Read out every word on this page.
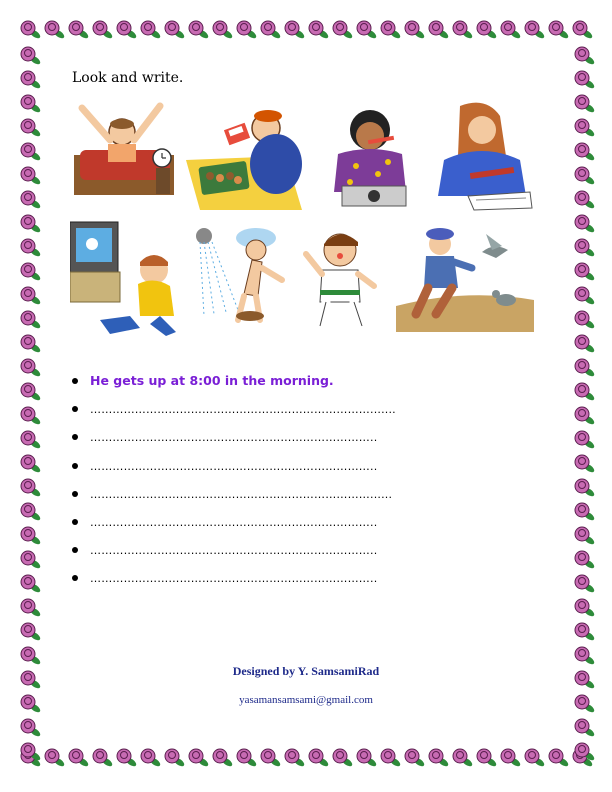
Look and write.
He gets up at 8:00 in the morning.
………………………………………………………………….......
…………………………………………………………………..
…………………………………………………………………..
…………………………………………………………………......
…………………………………………………………………..
…………………………………………………………………..
…………………………………………………………………..
Designed by Y. SamsamiRad
yasamansamsami@gmail.com
